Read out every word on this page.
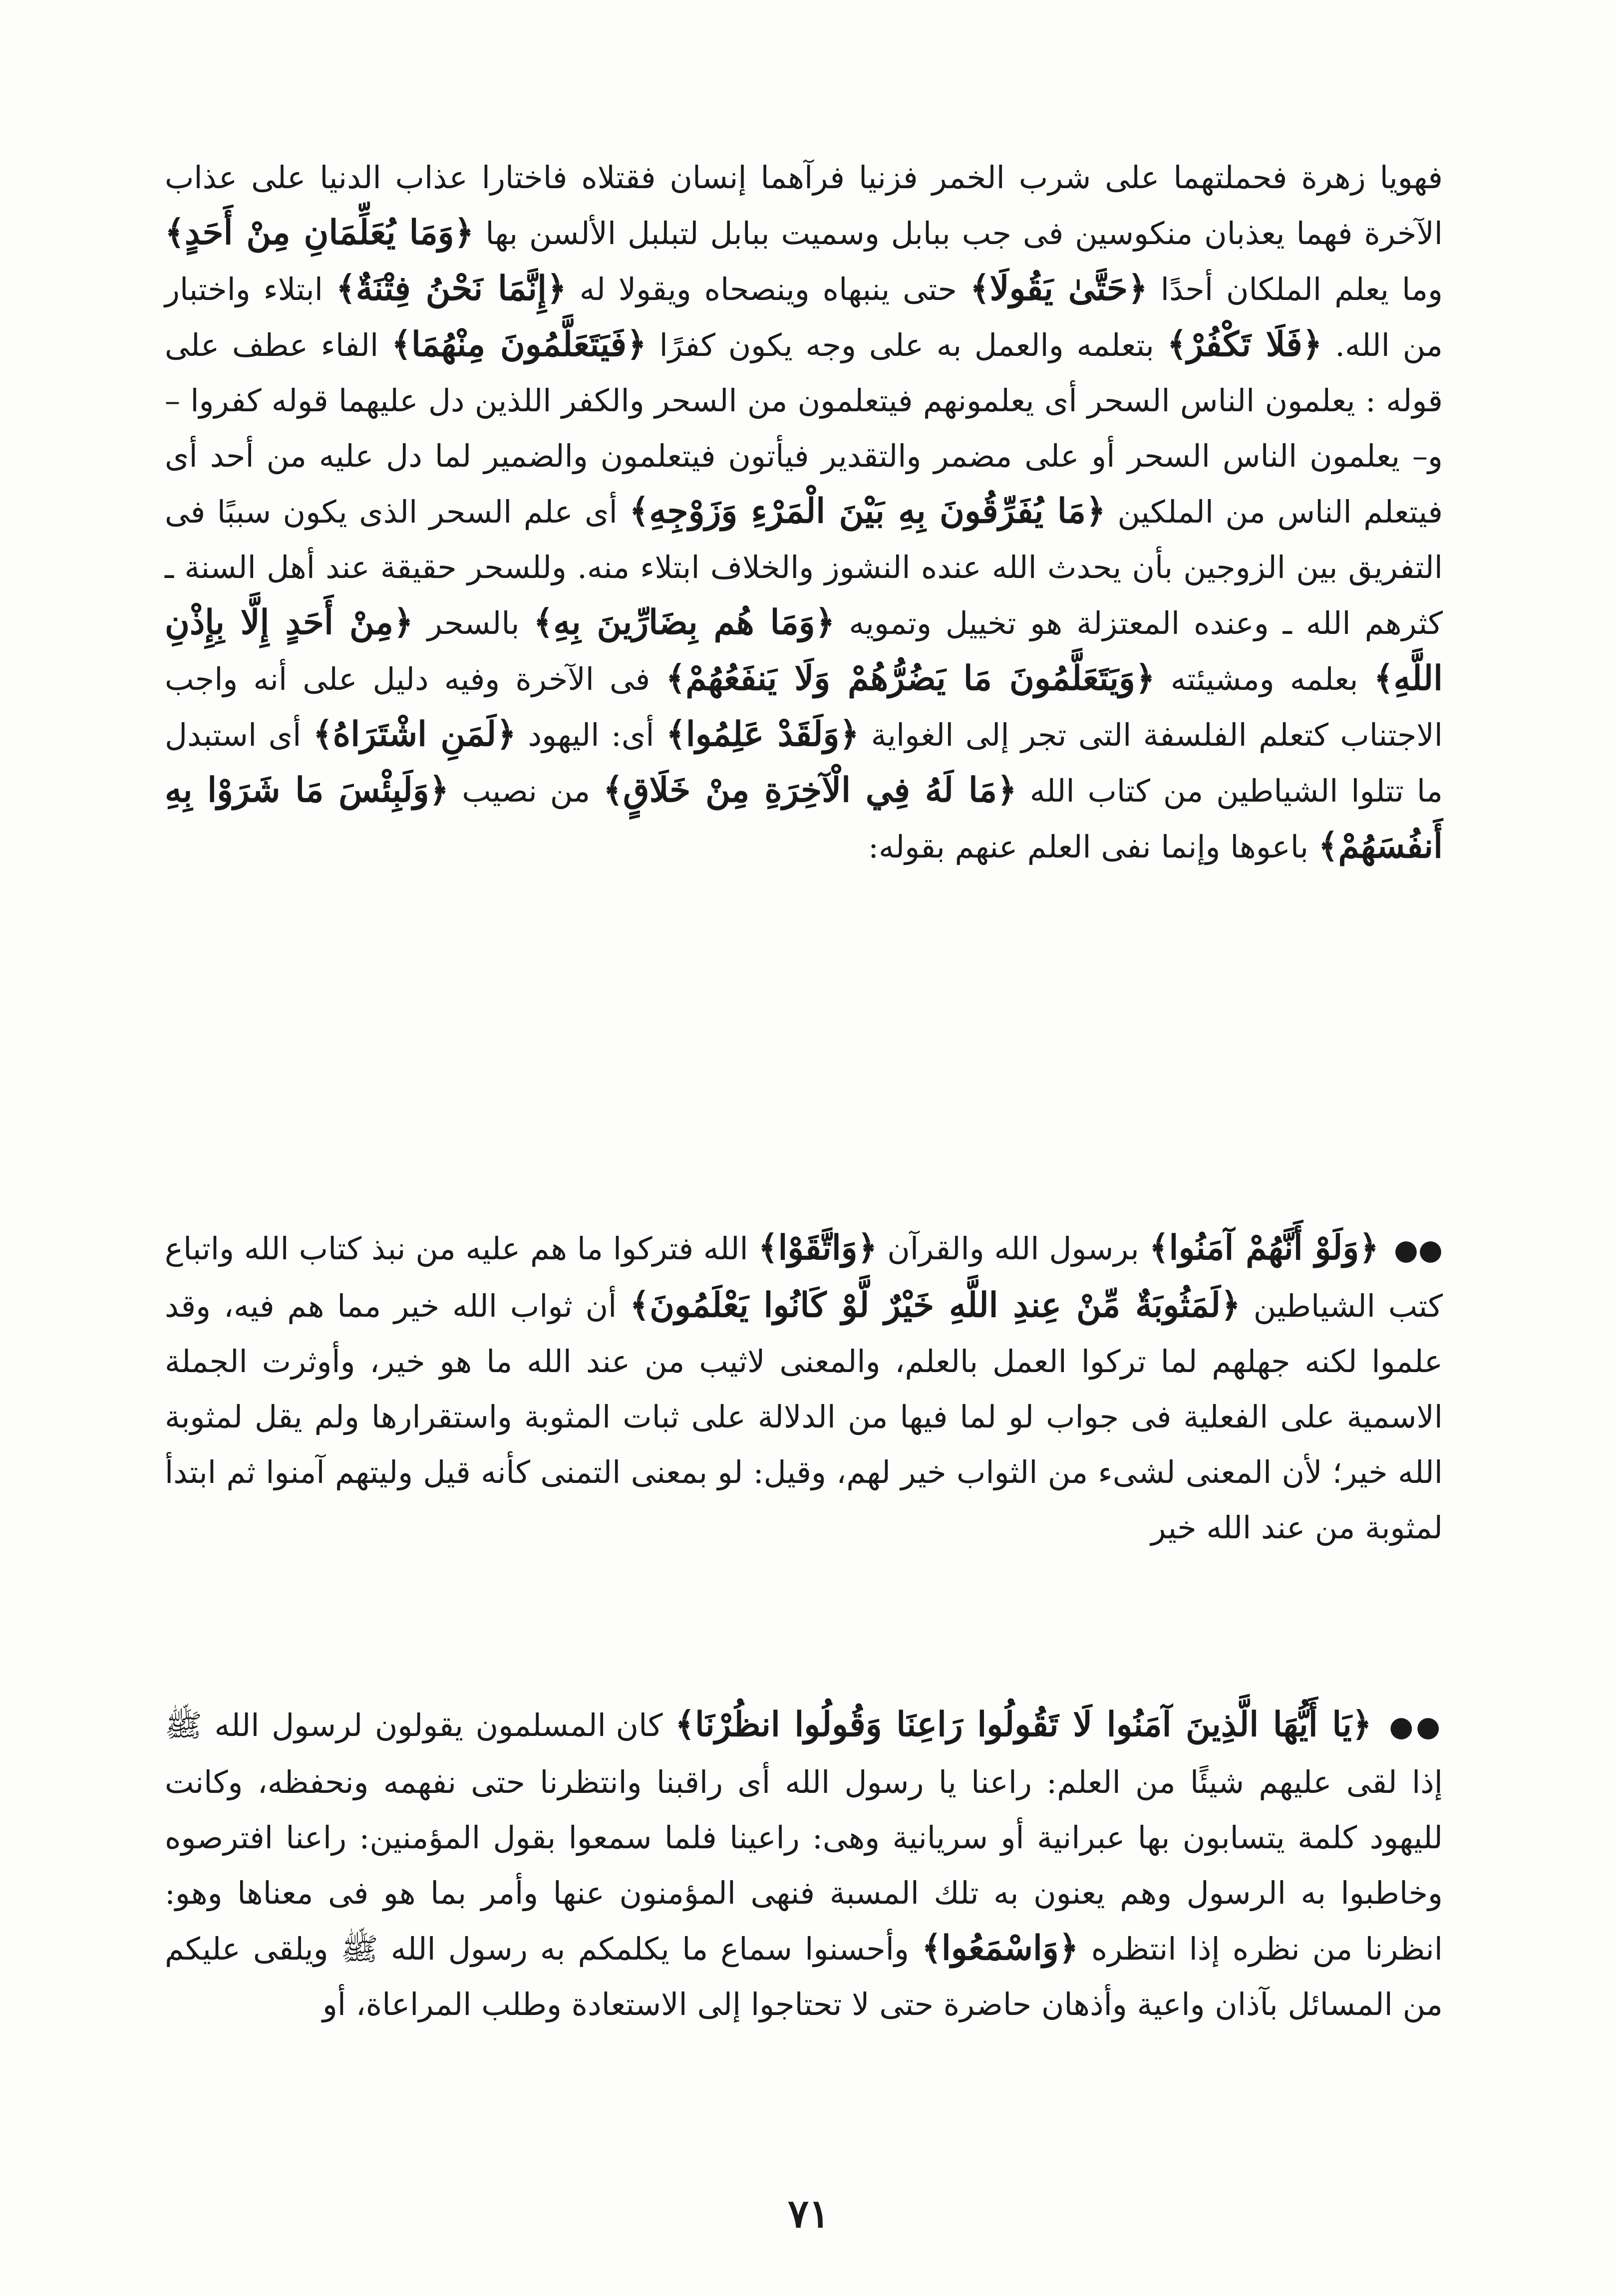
فهويا زهرة فحملتهما على شرب الخمر فزنيا فرآهما إنسان فقتلاه فاختارا عذاب الدنيا على عذاب الآخرة فهما يعذبان منكوسين فى جب ببابل وسميت ببابل لتبلبل الألسن بها ﴿وَمَا يُعَلِّمَانِ مِنْ أَحَدٍ﴾ وما يعلم الملكان أحدًا ﴿حَتَّىٰ يَقُولَا﴾ حتى ينبهاه وينصحاه ويقولا له ﴿إِنَّمَا نَحْنُ فِتْنَةٌ﴾ ابتلاء واختبار من الله. ﴿فَلَا تَكْفُرْ﴾ بتعلمه والعمل به على وجه يكون كفرًا ﴿فَيَتَعَلَّمُونَ مِنْهُمَا﴾ الفاء عطف على قوله : يعلمون الناس السحر أى يعلمونهم فيتعلمون من السحر والكفر اللذين دل عليهما قوله كفروا – و– يعلمون الناس السحر أو على مضمر والتقدير فيأتون فيتعلمون والضمير لما دل عليه من أحد أى فيتعلم الناس من الملكين ﴿مَا يُفَرِّقُونَ بِهِ بَيْنَ الْمَرْءِ وَزَوْجِهِ﴾ أى علم السحر الذى يكون سببًا فى التفريق بين الزوجين بأن يحدث الله عنده النشوز والخلاف ابتلاء منه. وللسحر حقيقة عند أهل السنة ـ كثرهم الله ـ وعنده المعتزلة هو تخييل وتمويه ﴿وَمَا هُم بِضَارِّينَ بِهِ﴾ بالسحر ﴿مِنْ أَحَدٍ إِلَّا بِإِذْنِ اللَّهِ﴾ بعلمه ومشيئته ﴿وَيَتَعَلَّمُونَ مَا يَضُرُّهُمْ وَلَا يَنفَعُهُمْ﴾ فى الآخرة وفيه دليل على أنه واجب الاجتناب كتعلم الفلسفة التى تجر إلى الغواية ﴿وَلَقَدْ عَلِمُوا﴾ أى: اليهود ﴿لَمَنِ اشْتَرَاهُ﴾ أى استبدل ما تتلوا الشياطين من كتاب الله ﴿مَا لَهُ فِي الْآخِرَةِ مِنْ خَلَاقٍ﴾ من نصيب ﴿وَلَبِئْسَ مَا شَرَوْا بِهِ أَنفُسَهُمْ﴾ باعوها وإنما نفى العلم عنهم بقوله:

●● ﴿وَلَوْ أَنَّهُمْ آمَنُوا﴾ برسول الله والقرآن ﴿وَاتَّقَوْا﴾ الله فتركوا ما هم عليه من نبذ كتاب الله واتباع كتب الشياطين ﴿لَمَثُوبَةٌ مِّنْ عِندِ اللَّهِ خَيْرٌ لَّوْ كَانُوا يَعْلَمُونَ﴾ أن ثواب الله خير مما هم فيه، وقد علموا لكنه جهلهم لما تركوا العمل بالعلم، والمعنى لاثيب من عند الله ما هو خير، وأوثرت الجملة الاسمية على الفعلية فى جواب لو لما فيها من الدلالة على ثبات المثوبة واستقرارها ولم يقل لمثوبة الله خير؛ لأن المعنى لشىء من الثواب خير لهم، وقيل: لو بمعنى التمنى كأنه قيل وليتهم آمنوا ثم ابتدأ لمثوبة من عند الله خير

●● ﴿يَا أَيُّهَا الَّذِينَ آمَنُوا لَا تَقُولُوا رَاعِنَا وَقُولُوا انظُرْنَا﴾ كان المسلمون يقولون لرسول الله ﷺ إذا لقى عليهم شيئًا من العلم: راعنا يا رسول الله أى راقبنا وانتظرنا حتى نفهمه ونحفظه، وكانت لليهود كلمة يتسابون بها عبرانية أو سريانية وهى: راعينا فلما سمعوا بقول المؤمنين: راعنا افترصوه وخاطبوا به الرسول وهم يعنون به تلك المسبة فنهى المؤمنون عنها وأمر بما هو فى معناها وهو: انظرنا من نظره إذا انتظره ﴿وَاسْمَعُوا﴾ وأحسنوا سماع ما يكلمكم به رسول الله ﷺ ويلقى عليكم من المسائل بآذان واعية وأذهان حاضرة حتى لا تحتاجوا إلى الاستعادة وطلب المراعاة، أو

٧١
